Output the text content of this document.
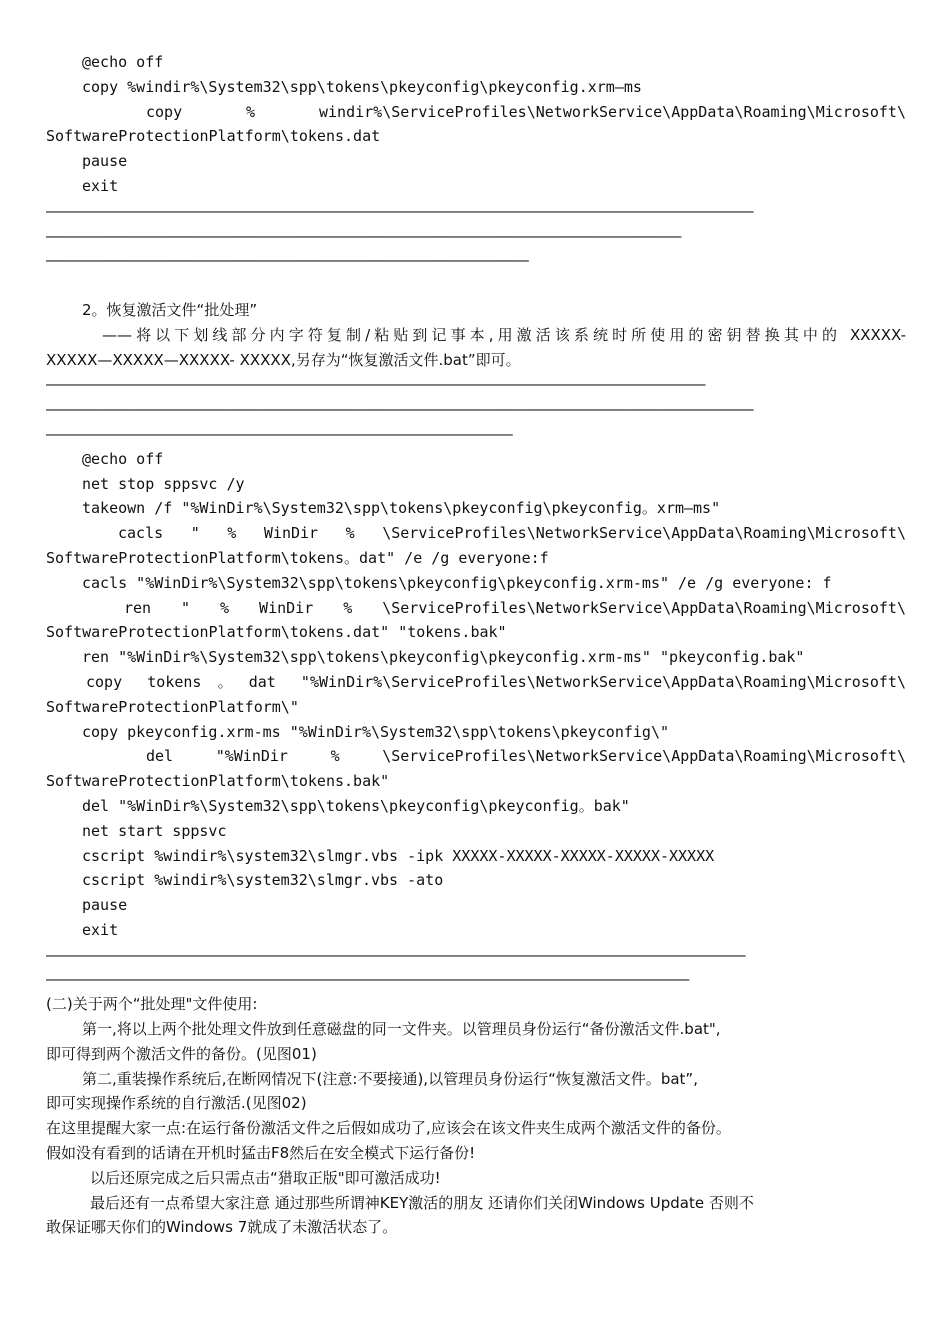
@echo off
copy %windir%\System32\spp\tokens\pkeyconfig\pkeyconfig.xrm—ms
copy % windir%\ServiceProfiles\NetworkService\AppData\Roaming\Microsoft\
SoftwareProtectionPlatform\tokens.dat
pause
exit
————————————————————————————————————————————————————————————————————————————————————————
———————————————————————————————————————————————————————————————————————————————
————————————————————————————————————————————————————————————
2。恢复激活文件“批处理”
——将以下划线部分内字符复制/粘贴到记事本,用激活该系统时所使用的密钥替换其中的 XXXXX-
XXXXX—XXXXX—XXXXX- XXXXX,另存为“恢复激活文件.bat”即可。
——————————————————————————————————————————————————————————————————————————————————
————————————————————————————————————————————————————————————————————————————————————————
——————————————————————————————————————————————————————————
@echo off
net stop sppsvc /y
takeown /f "%WinDir%\System32\spp\tokens\pkeyconfig\pkeyconfig。xrm—ms"
cacls " % WinDir % \ServiceProfiles\NetworkService\AppData\Roaming\Microsoft\
SoftwareProtectionPlatform\tokens。dat" /e /g everyone:f
cacls "%WinDir%\System32\spp\tokens\pkeyconfig\pkeyconfig.xrm-ms" /e /g everyone: f
ren " % WinDir % \ServiceProfiles\NetworkService\AppData\Roaming\Microsoft\
SoftwareProtectionPlatform\tokens.dat" "tokens.bak"
ren "%WinDir%\System32\spp\tokens\pkeyconfig\pkeyconfig.xrm-ms" "pkeyconfig.bak"
copy tokens。dat "%WinDir%\ServiceProfiles\NetworkService\AppData\Roaming\Microsoft\
SoftwareProtectionPlatform\"
copy pkeyconfig.xrm-ms "%WinDir%\System32\spp\tokens\pkeyconfig\"
del "%WinDir % \ServiceProfiles\NetworkService\AppData\Roaming\Microsoft\
SoftwareProtectionPlatform\tokens.bak"
del "%WinDir%\System32\spp\tokens\pkeyconfig\pkeyconfig。bak"
net start sppsvc
cscript %windir%\system32\slmgr.vbs -ipk XXXXX-XXXXX-XXXXX-XXXXX-XXXXX
cscript %windir%\system32\slmgr.vbs -ato
pause
exit
———————————————————————————————————————————————————————————————————————————————————————
————————————————————————————————————————————————————————————————————————————————
(二)关于两个“批处理"文件使用:
第一,将以上两个批处理文件放到任意磁盘的同一文件夹。以管理员身份运行“备份激活文件.bat",
即可得到两个激活文件的备份。(见图01)
第二,重装操作系统后,在断网情况下(注意:不要接通),以管理员身份运行“恢复激活文件。bat”,
即可实现操作系统的自行激活.(见图02)
在这里提醒大家一点:在运行备份激活文件之后假如成功了,应该会在该文件夹生成两个激活文件的备份。
假如没有看到的话请在开机时猛击F8然后在安全模式下运行备份!
以后还原完成之后只需点击“猎取正版"即可激活成功!
最后还有一点希望大家注意 通过那些所谓神KEY激活的朋友 还请你们关闭Windows Update 否则不
敢保证哪天你们的Windows 7就成了未激活状态了。
